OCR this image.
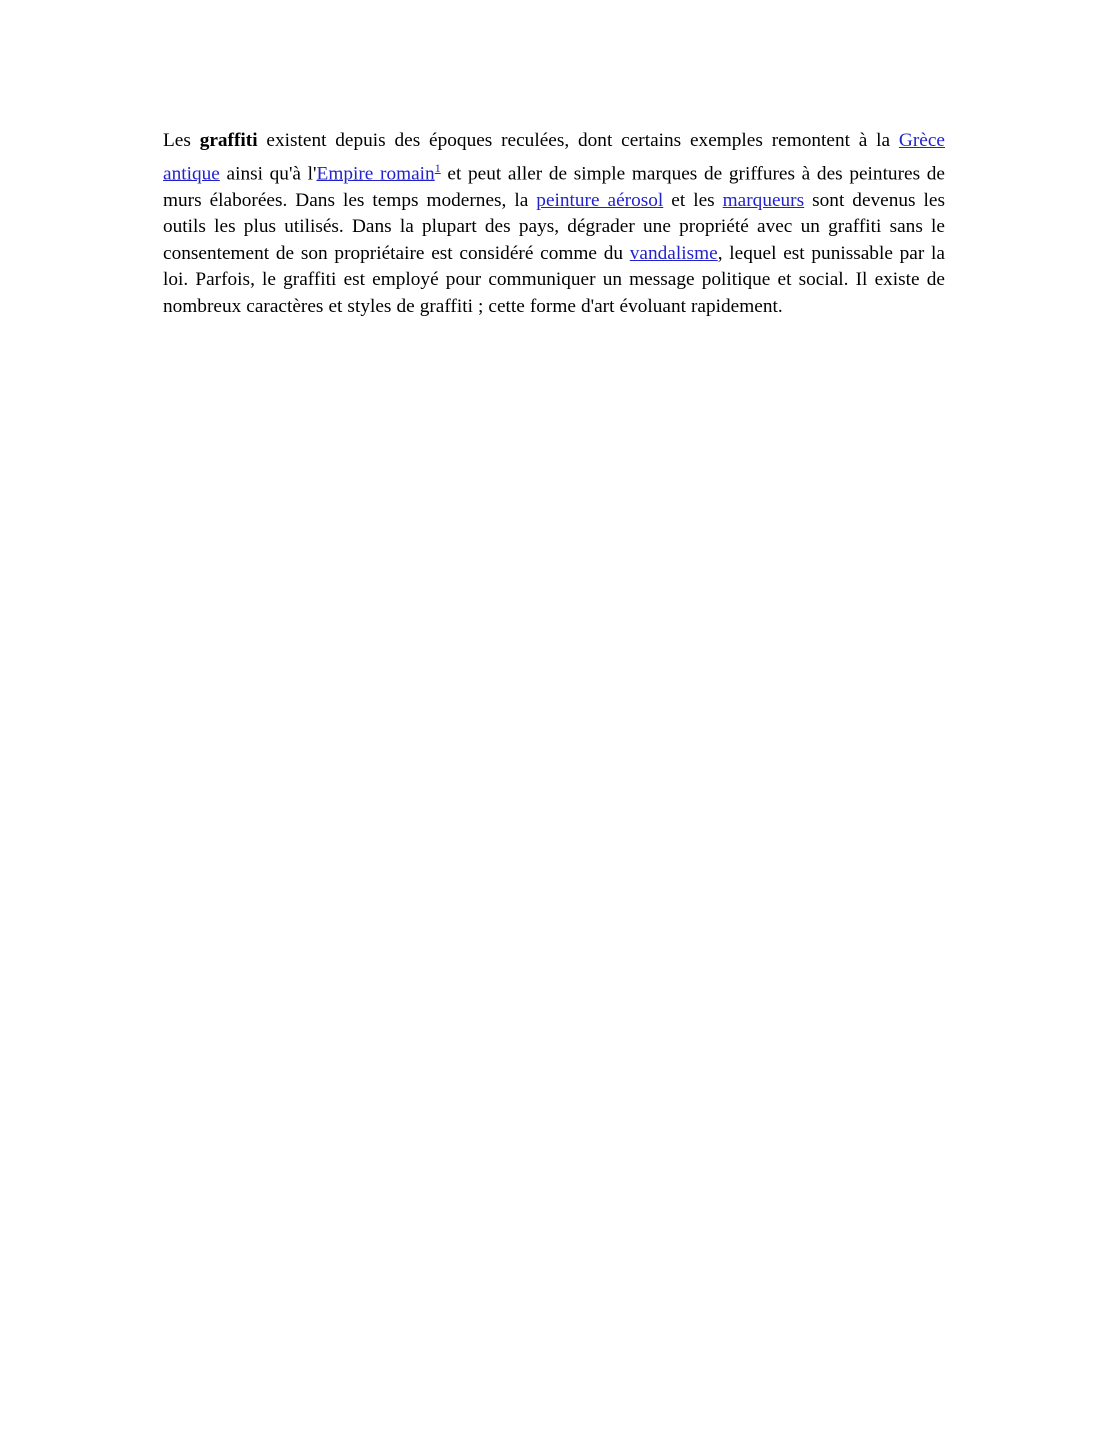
Les graffiti existent depuis des époques reculées, dont certains exemples remontent à la Grèce antique ainsi qu'à l'Empire romain$^1$ et peut aller de simple marques de griffures à des peintures de murs élaborées. Dans les temps modernes, la peinture aérosol et les marqueurs sont devenus les outils les plus utilisés. Dans la plupart des pays, dégrader une propriété avec un graffiti sans le consentement de son propriétaire est considéré comme du vandalisme, lequel est punissable par la loi. Parfois, le graffiti est employé pour communiquer un message politique et social. Il existe de nombreux caractères et styles de graffiti ; cette forme d'art évoluant rapidement.
